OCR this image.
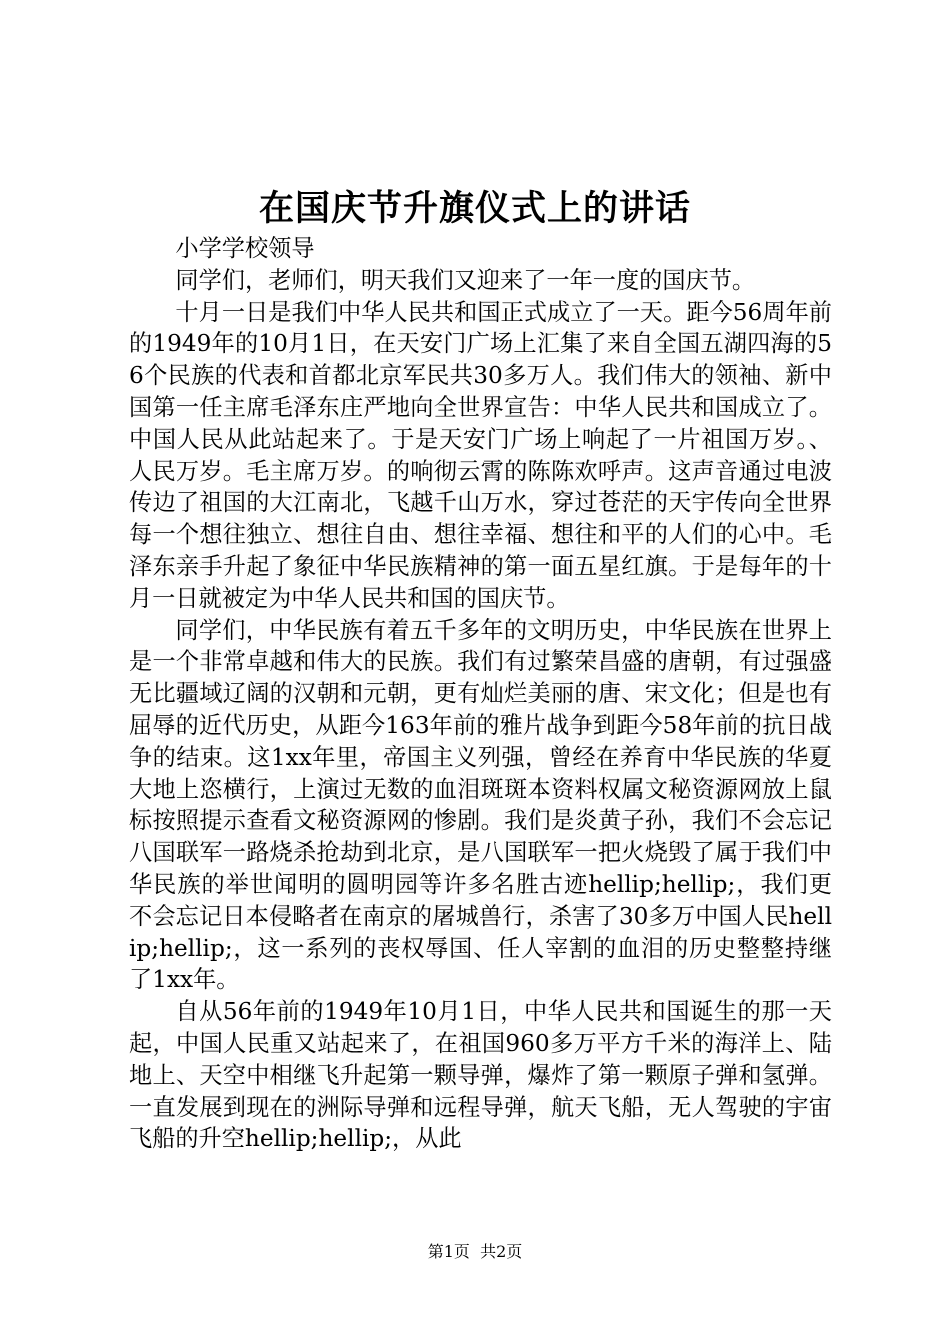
在国庆节升旗仪式上的讲话

小学学校领导

同学们，老师们，明天我们又迎来了一年一度的国庆节。

十月一日是我们中华人民共和国正式成立了一天。距今56周年前的1949年的10月1日，在天安门广场上汇集了来自全国五湖四海的56个民族的代表和首都北京军民共30多万人。我们伟大的领袖、新中国第一任主席毛泽东庄严地向全世界宣告：中华人民共和国成立了。中国人民从此站起来了。于是天安门广场上响起了一片祖国万岁。、人民万岁。毛主席万岁。的响彻云霄的陈陈欢呼声。这声音通过电波传边了祖国的大江南北，飞越千山万水，穿过苍茫的天宇传向全世界每一个想往独立、想往自由、想往幸福、想往和平的人们的心中。毛泽东亲手升起了象征中华民族精神的第一面五星红旗。于是每年的十月一日就被定为中华人民共和国的国庆节。

同学们，中华民族有着五千多年的文明历史，中华民族在世界上是一个非常卓越和伟大的民族。我们有过繁荣昌盛的唐朝，有过强盛无比疆域辽阔的汉朝和元朝，更有灿烂美丽的唐、宋文化；但是也有屈辱的近代历史，从距今163年前的雅片战争到距今58年前的抗日战争的结束。这1xx年里，帝国主义列强，曾经在养育中华民族的华夏大地上恣横行，上演过无数的血泪斑斑本资料权属文秘资源网放上鼠标按照提示查看文秘资源网的惨剧。我们是炎黄子孙，我们不会忘记八国联军一路烧杀抢劫到北京，是八国联军一把火烧毁了属于我们中华民族的举世闻明的圆明园等许多名胜古迹hellip;hellip;，我们更不会忘记日本侵略者在南京的屠城兽行，杀害了30多万中国人民hellip;hellip;，这一系列的丧权辱国、任人宰割的血泪的历史整整持继了1xx年。

自从56年前的1949年10月1日，中华人民共和国诞生的那一天起，中国人民重又站起来了，在祖国960多万平方千米的海洋上、陆地上、天空中相继飞升起第一颗导弹，爆炸了第一颗原子弹和氢弹。一直发展到现在的洲际导弹和远程导弹，航天飞船，无人驾驶的宇宙飞船的升空hellip;hellip;，从此

第1页 共2页
